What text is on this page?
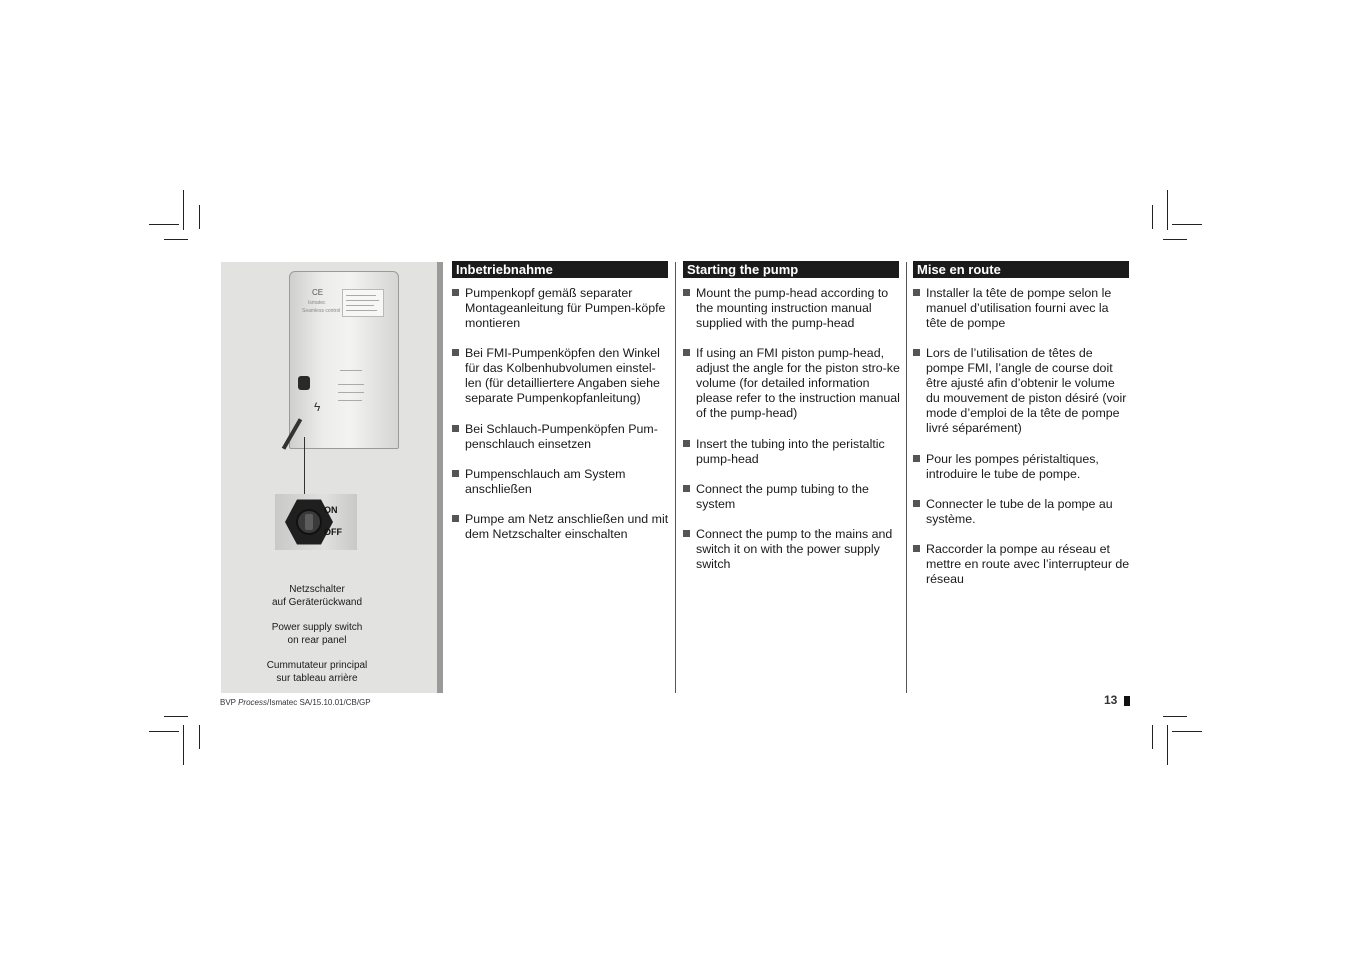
CE
Ismatec
Seamless control
ϟ
ON
OFF
Netzschalter
auf Geräterückwand
Power supply switch
on rear panel
Cummutateur principal
sur tableau arrière
Inbetriebnahme
Pumpenkopf gemäß separater Montageanleitung für Pumpen-köpfe montieren
Bei FMI-Pumpenköpfen den Winkel für das Kolbenhubvolumen einstel-len (für detailliertere Angaben siehe separate Pumpenkopfanleitung)
Bei Schlauch-Pumpenköpfen Pum-penschlauch einsetzen
Pumpenschlauch am System anschließen
Pumpe am Netz anschließen und mit dem Netzschalter einschalten
Starting the pump
Mount the pump-head according to the mounting instruction manual supplied with the pump-head
If using an FMI piston pump-head, adjust the angle for the piston stro-ke volume (for detailed information please refer to the instruction manual of the pump-head)
Insert the tubing into the peristaltic pump-head
Connect the pump tubing to the system
Connect the pump to the mains and switch it on with the power supply switch
Mise en route
Installer la tête de pompe selon le manuel d’utilisation fourni avec la tête de pompe
Lors de l’utilisation de têtes de pompe FMI, l’angle de course doit être ajusté afin d’obtenir le volume du mouvement de piston désiré (voir mode d’emploi de la tête de pompe livré séparément)
Pour les pompes péristaltiques, introduire le tube de pompe.
Connecter le tube de la pompe au système.
Raccorder la pompe au réseau et mettre en route avec l’interrupteur de réseau
BVP Process/Ismatec SA/15.10.01/CB/GP	13
